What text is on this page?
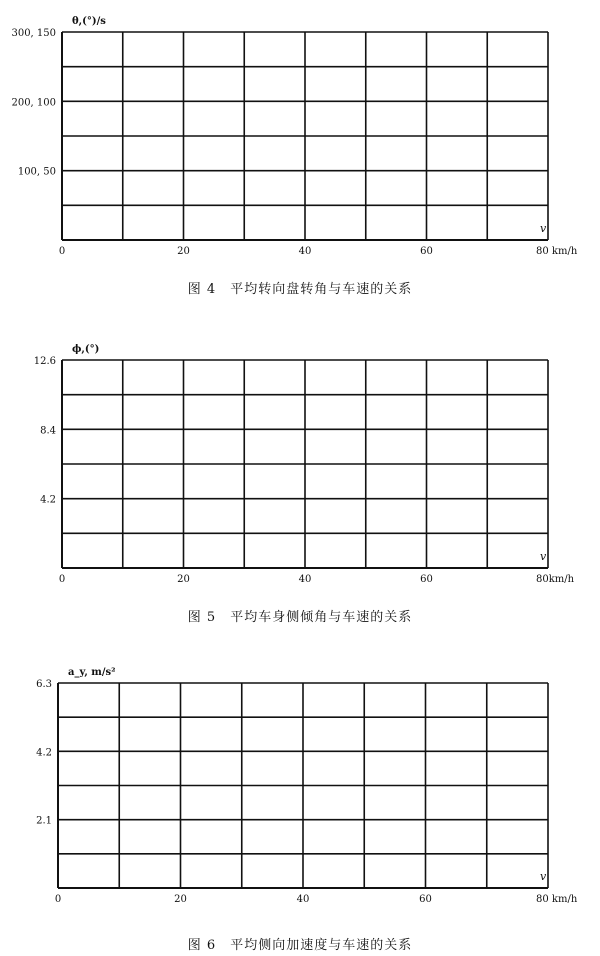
0	20	40	60
100, 50
200, 100
300, 150
θ,(°)/s
v
80 km/h
图 4　平均转向盘转角与车速的关系
0	20	40	60
4.2
8.4
12.6
ϕ,(°)
v
80km/h
图 5　平均车身侧倾角与车速的关系
0	20	40	60
2.1
4.2
6.3
a_y, m/s²
v
80 km/h
图 6　平均侧向加速度与车速的关系
